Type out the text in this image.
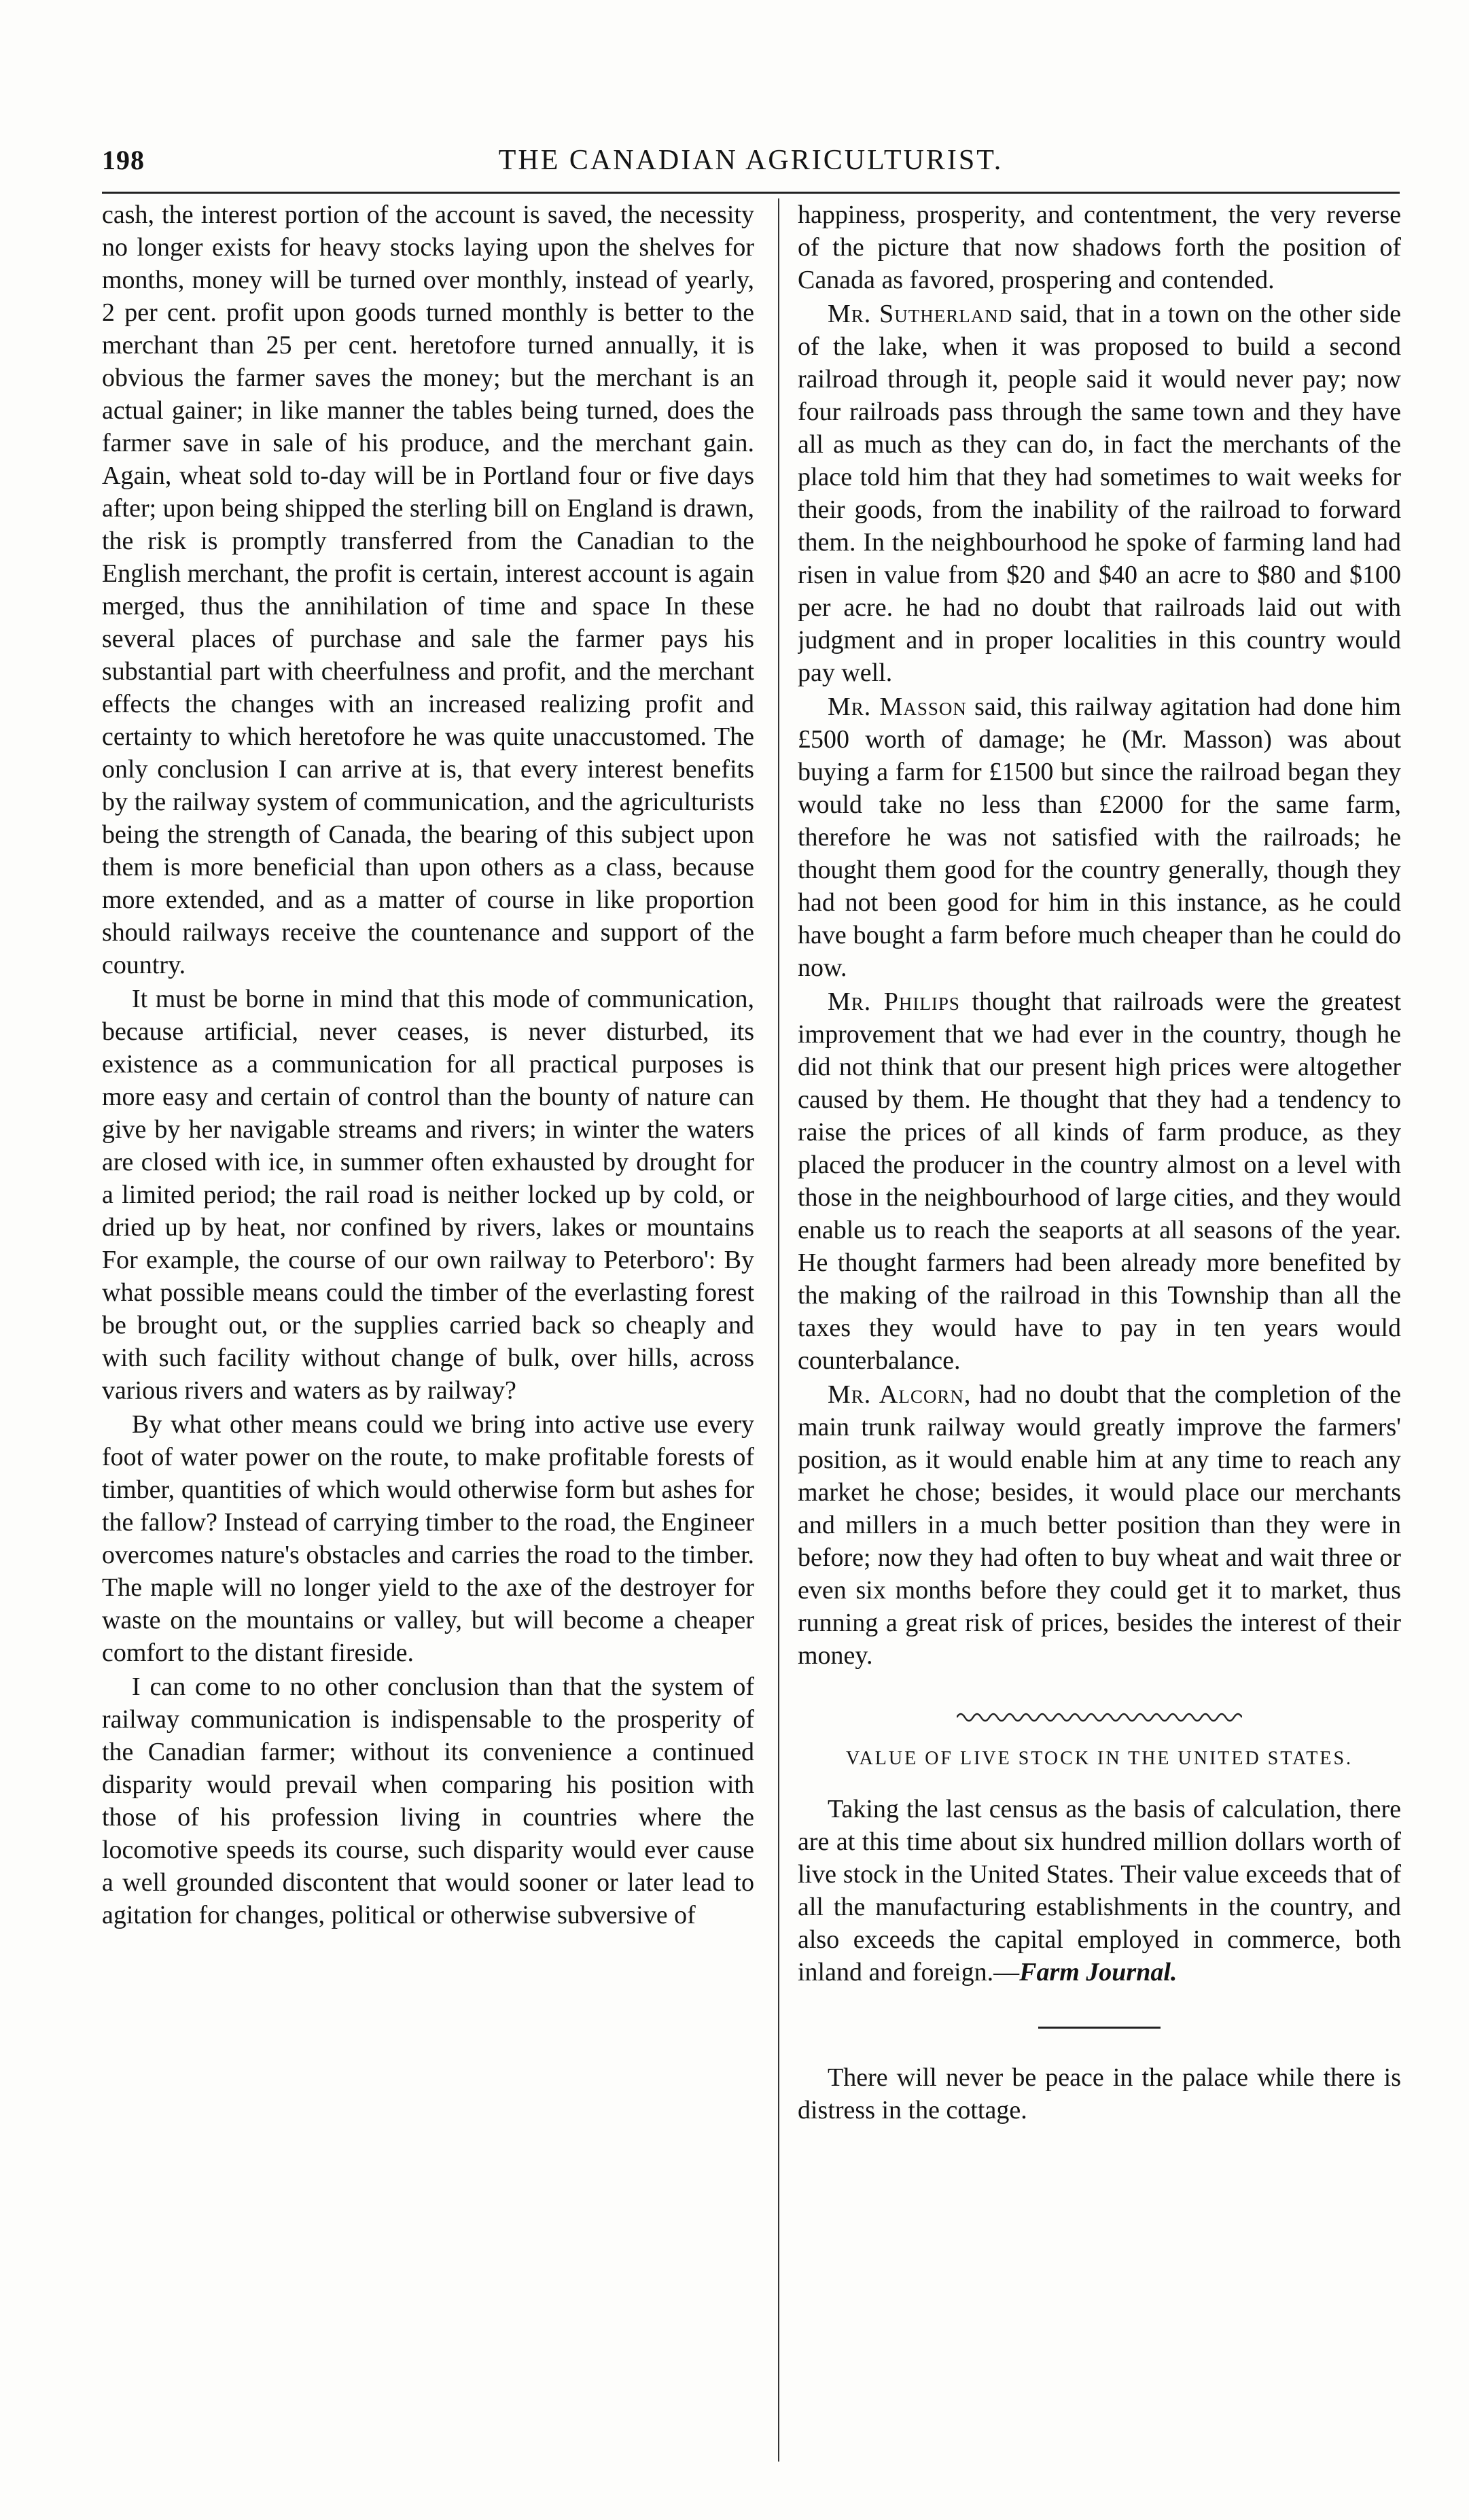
198	THE CANADIAN AGRICULTURIST.

cash, the interest portion of the account is saved, the necessity no longer exists for heavy stocks laying upon the shelves for months, money will be turned over monthly, instead of yearly, 2 per cent. profit upon goods turned monthly is better to the merchant than 25 per cent. heretofore turned annually, it is obvious the farmer saves the money; but the merchant is an actual gainer; in like manner the tables being turned, does the farmer save in sale of his produce, and the merchant gain. Again, wheat sold to-day will be in Portland four or five days after; upon being shipped the sterling bill on England is drawn, the risk is promptly transferred from the Canadian to the English merchant, the profit is certain, interest account is again merged, thus the annihilation of time and space In these several places of purchase and sale the farmer pays his substantial part with cheerfulness and profit, and the merchant effects the changes with an increased realizing profit and certainty to which heretofore he was quite unaccustomed. The only conclusion I can arrive at is, that every interest benefits by the railway system of communication, and the agriculturists being the strength of Canada, the bearing of this subject upon them is more beneficial than upon others as a class, because more extended, and as a matter of course in like proportion should railways receive the countenance and support of the country.

It must be borne in mind that this mode of communication, because artificial, never ceases, is never disturbed, its existence as a communication for all practical purposes is more easy and certain of control than the bounty of nature can give by her navigable streams and rivers; in winter the waters are closed with ice, in summer often exhausted by drought for a limited period; the rail road is neither locked up by cold, or dried up by heat, nor confined by rivers, lakes or mountains For example, the course of our own railway to Peterboro': By what possible means could the timber of the everlasting forest be brought out, or the supplies carried back so cheaply and with such facility without change of bulk, over hills, across various rivers and waters as by railway?

By what other means could we bring into active use every foot of water power on the route, to make profitable forests of timber, quantities of which would otherwise form but ashes for the fallow? Instead of carrying timber to the road, the Engineer overcomes nature's obstacles and carries the road to the timber. The maple will no longer yield to the axe of the destroyer for waste on the mountains or valley, but will become a cheaper comfort to the distant fireside.

I can come to no other conclusion than that the system of railway communication is indispensable to the prosperity of the Canadian farmer; without its convenience a continued disparity would prevail when comparing his position with those of his profession living in countries where the locomotive speeds its course, such disparity would ever cause a well grounded discontent that would sooner or later lead to agitation for changes, political or otherwise subversive of

happiness, prosperity, and contentment, the very reverse of the picture that now shadows forth the position of Canada as favored, prospering and contended.

Mr. Sutherland said, that in a town on the other side of the lake, when it was proposed to build a second railroad through it, people said it would never pay; now four railroads pass through the same town and they have all as much as they can do, in fact the merchants of the place told him that they had sometimes to wait weeks for their goods, from the inability of the railroad to forward them. In the neighbourhood he spoke of farming land had risen in value from $20 and $40 an acre to $80 and $100 per acre. he had no doubt that railroads laid out with judgment and in proper localities in this country would pay well.

Mr. Masson said, this railway agitation had done him £500 worth of damage; he (Mr. Masson) was about buying a farm for £1500 but since the railroad began they would take no less than £2000 for the same farm, therefore he was not satisfied with the railroads; he thought them good for the country generally, though they had not been good for him in this instance, as he could have bought a farm before much cheaper than he could do now.

Mr. Philips thought that railroads were the greatest improvement that we had ever in the country, though he did not think that our present high prices were altogether caused by them. He thought that they had a tendency to raise the prices of all kinds of farm produce, as they placed the producer in the country almost on a level with those in the neighbourhood of large cities, and they would enable us to reach the seaports at all seasons of the year. He thought farmers had been already more benefited by the making of the railroad in this Township than all the taxes they would have to pay in ten years would counterbalance.

Mr. Alcorn, had no doubt that the completion of the main trunk railway would greatly improve the farmers' position, as it would enable him at any time to reach any market he chose; besides, it would place our merchants and millers in a much better position than they were in before; now they had often to buy wheat and wait three or even six months before they could get it to market, thus running a great risk of prices, besides the interest of their money.

VALUE OF LIVE STOCK IN THE UNITED STATES.

Taking the last census as the basis of calculation, there are at this time about six hundred million dollars worth of live stock in the United States. Their value exceeds that of all the manufacturing establishments in the country, and also exceeds the capital employed in commerce, both inland and foreign.—Farm Journal.

There will never be peace in the palace while there is distress in the cottage.
